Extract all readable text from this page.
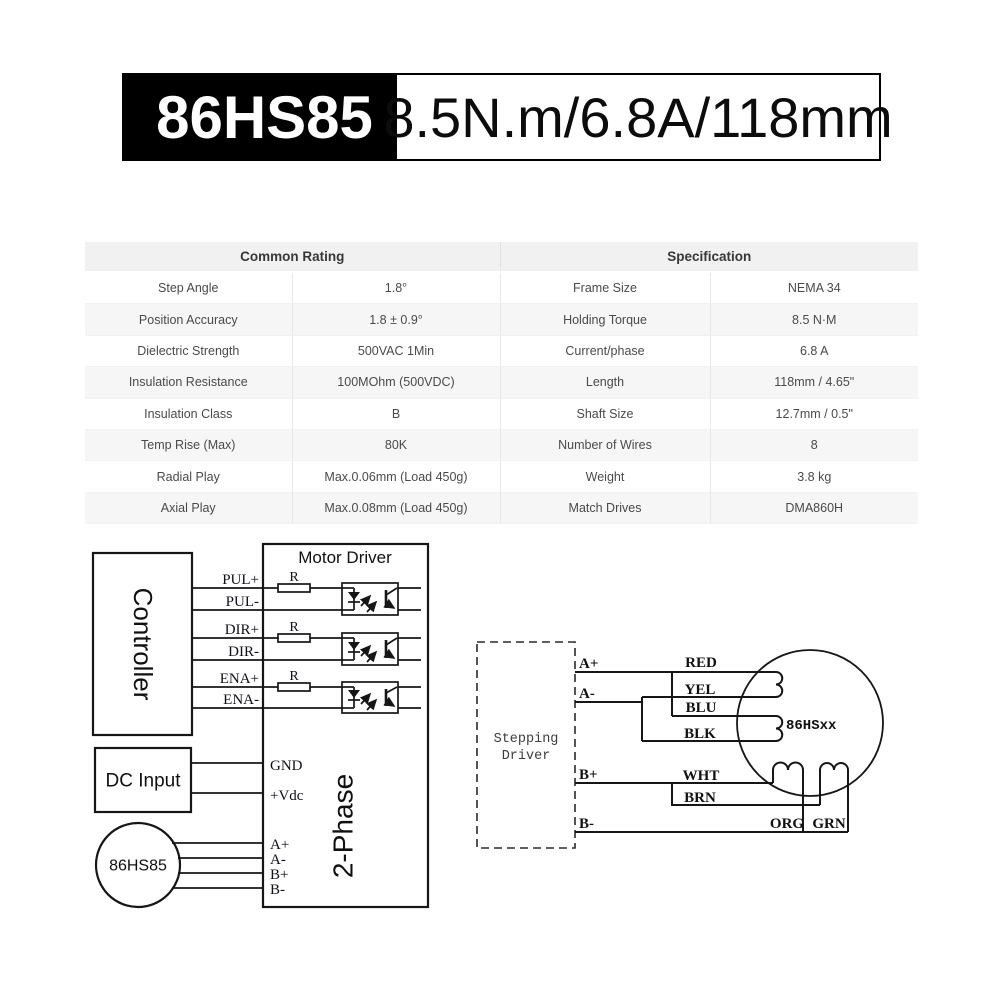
86HS85 8.5N.m/6.8A/118mm
Common Rating		Specification	
Step Angle	1.8°	Frame Size	NEMA 34
Position Accuracy	1.8 ± 0.9°	Holding Torque	8.5 N·M
Dielectric Strength	500VAC 1Min	Current/phase	6.8 A
Insulation Resistance	100MOhm (500VDC)	Length	118mm / 4.65"
Insulation Class	B	Shaft Size	12.7mm / 0.5"
Temp Rise (Max)	80K	Number of Wires	8
Radial Play	Max.0.06mm (Load 450g)	Weight	3.8 kg
Axial Play	Max.0.08mm (Load 450g)	Match Drives	DMA860H
Controller
Motor Driver
2-Phase
PUL+
PUL-
DIR+
DIR-
ENA+
ENA-
R
R
R
DC Input
GND
+Vdc
86HS85
A+
A-
B+
B-
Stepping
Driver
A+
A-
B+
B-
RED
YEL
BLU
BLK
WHT
BRN
ORG GRN
86HSxx
